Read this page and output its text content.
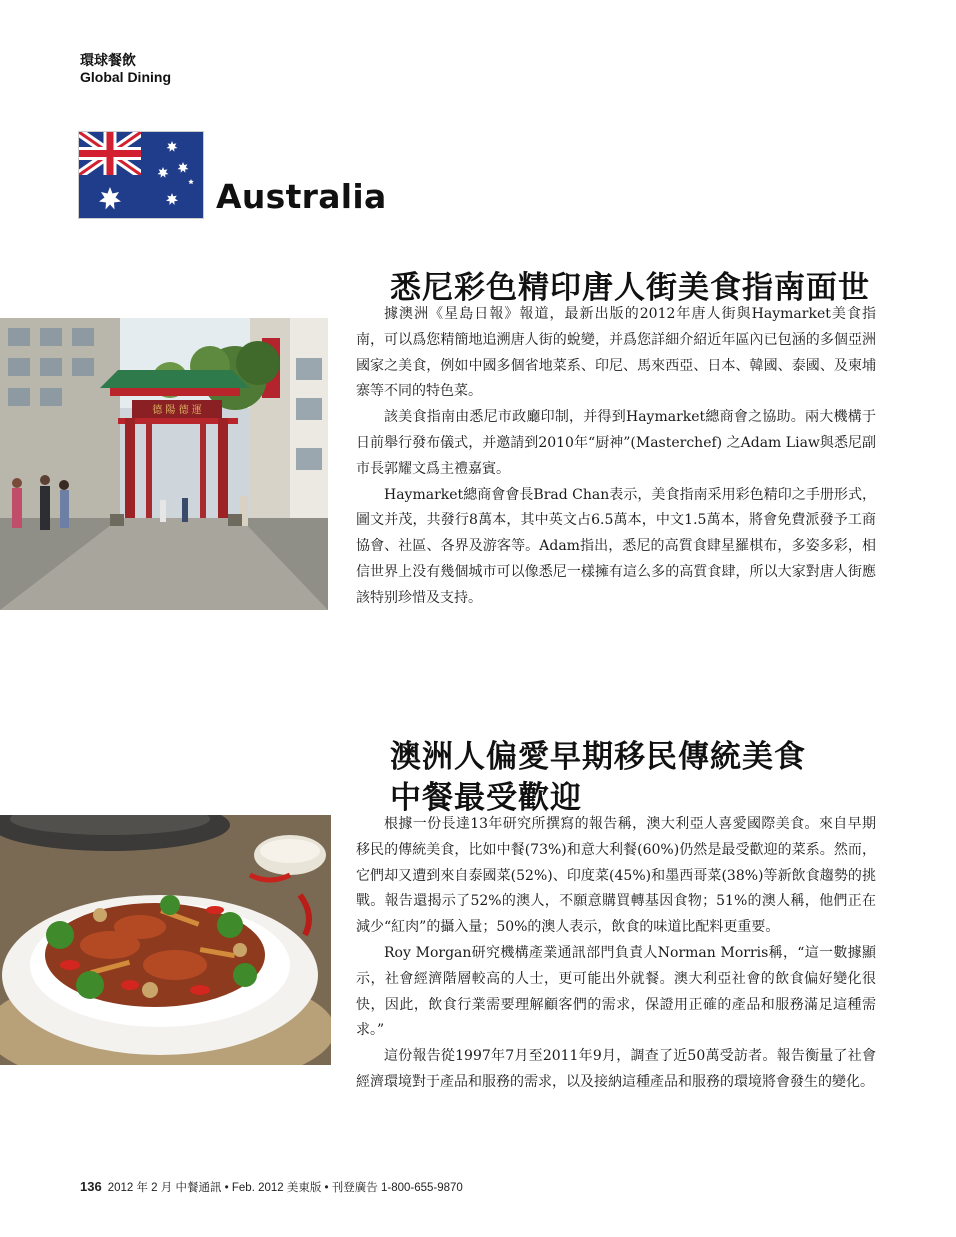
環球餐飲
Global Dining
Australia
悉尼彩色精印唐人街美食指南面世
德 陽 德 運

據澳洲《星島日報》報道，最新出版的2012年唐人街與Haymarket美食指南，可以爲您精簡地追溯唐人街的蛻變，并爲您詳細介紹近年區內已包涵的多個亞洲國家之美食，例如中國多個省地菜系、印尼、馬來西亞、日本、韓國、泰國、及柬埔寨等不同的特色菜。

該美食指南由悉尼市政廳印制，并得到Haymarket總商會之協助。兩大機構于日前舉行發布儀式，并邀請到2010年“厨神”(Masterchef) 之Adam Liaw與悉尼副市長郭耀文爲主禮嘉賓。

Haymarket總商會會長Brad Chan表示，美食指南采用彩色精印之手册形式，圖文并茂，共發行8萬本，其中英文占6.5萬本，中文1.5萬本，將會免費派發予工商協會、社區、各界及游客等。Adam指出，悉尼的高質食肆星羅棋布，多姿多彩，相信世界上没有幾個城市可以像悉尼一樣擁有這么多的高質食肆，所以大家對唐人街應該特别珍惜及支持。

澳洲人偏愛早期移民傳統美食
中餐最受歡迎

根據一份長達13年研究所撰寫的報告稱，澳大利亞人喜愛國際美食。來自早期移民的傳統美食，比如中餐(73%)和意大利餐(60%)仍然是最受歡迎的菜系。然而，它們却又遭到來自泰國菜(52%)、印度菜(45%)和墨西哥菜(38%)等新飲食趨勢的挑戰。報告還揭示了52%的澳人，不願意購買轉基因食物；51%的澳人稱，他們正在減少“紅肉”的攝入量；50%的澳人表示，飲食的味道比配料更重要。

Roy Morgan研究機構產業通訊部門負責人Norman Morris稱，“這一數據顯示，社會經濟階層較高的人士，更可能出外就餐。澳大利亞社會的飲食偏好變化很快，因此，飲食行業需要理解顧客們的需求，保證用正確的產品和服務滿足這種需求。”

這份報告從1997年7月至2011年9月，調查了近50萬受訪者。報告衡量了社會經濟環境對于產品和服務的需求，以及接納這種產品和服務的環境將會發生的變化。

136 2012 年 2 月 中餐通訊 • Feb. 2012 美東版 • 刊登廣告 1-800-655-9870
